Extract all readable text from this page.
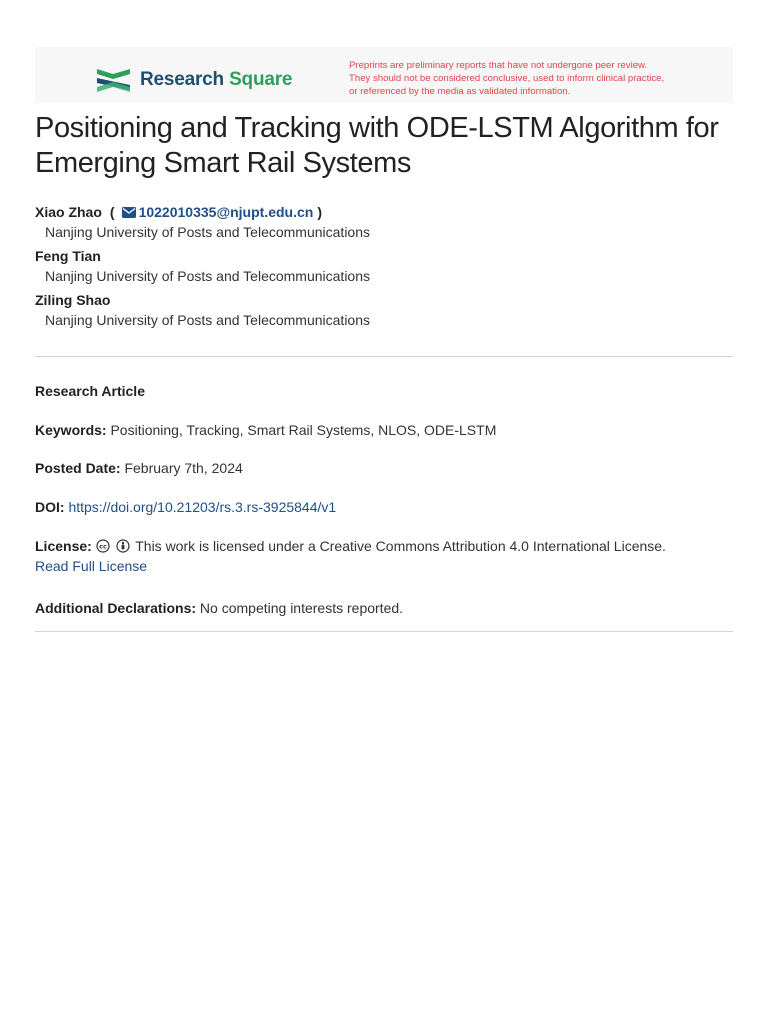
Research Square
Preprints are preliminary reports that have not undergone peer review.
They should not be considered conclusive, used to inform clinical practice,
or referenced by the media as validated information.
Positioning and Tracking with ODE-LSTM Algorithm for Emerging Smart Rail Systems
Xiao Zhao ( 1022010335@njupt.edu.cn )
Nanjing University of Posts and Telecommunications
Feng Tian
Nanjing University of Posts and Telecommunications
Ziling Shao
Nanjing University of Posts and Telecommunications
Research Article
Keywords: Positioning, Tracking, Smart Rail Systems, NLOS, ODE-LSTM
Posted Date: February 7th, 2024
DOI: https://doi.org/10.21203/rs.3.rs-3925844/v1
License: cc This work is licensed under a Creative Commons Attribution 4.0 International License.
Read Full License
Additional Declarations: No competing interests reported.
